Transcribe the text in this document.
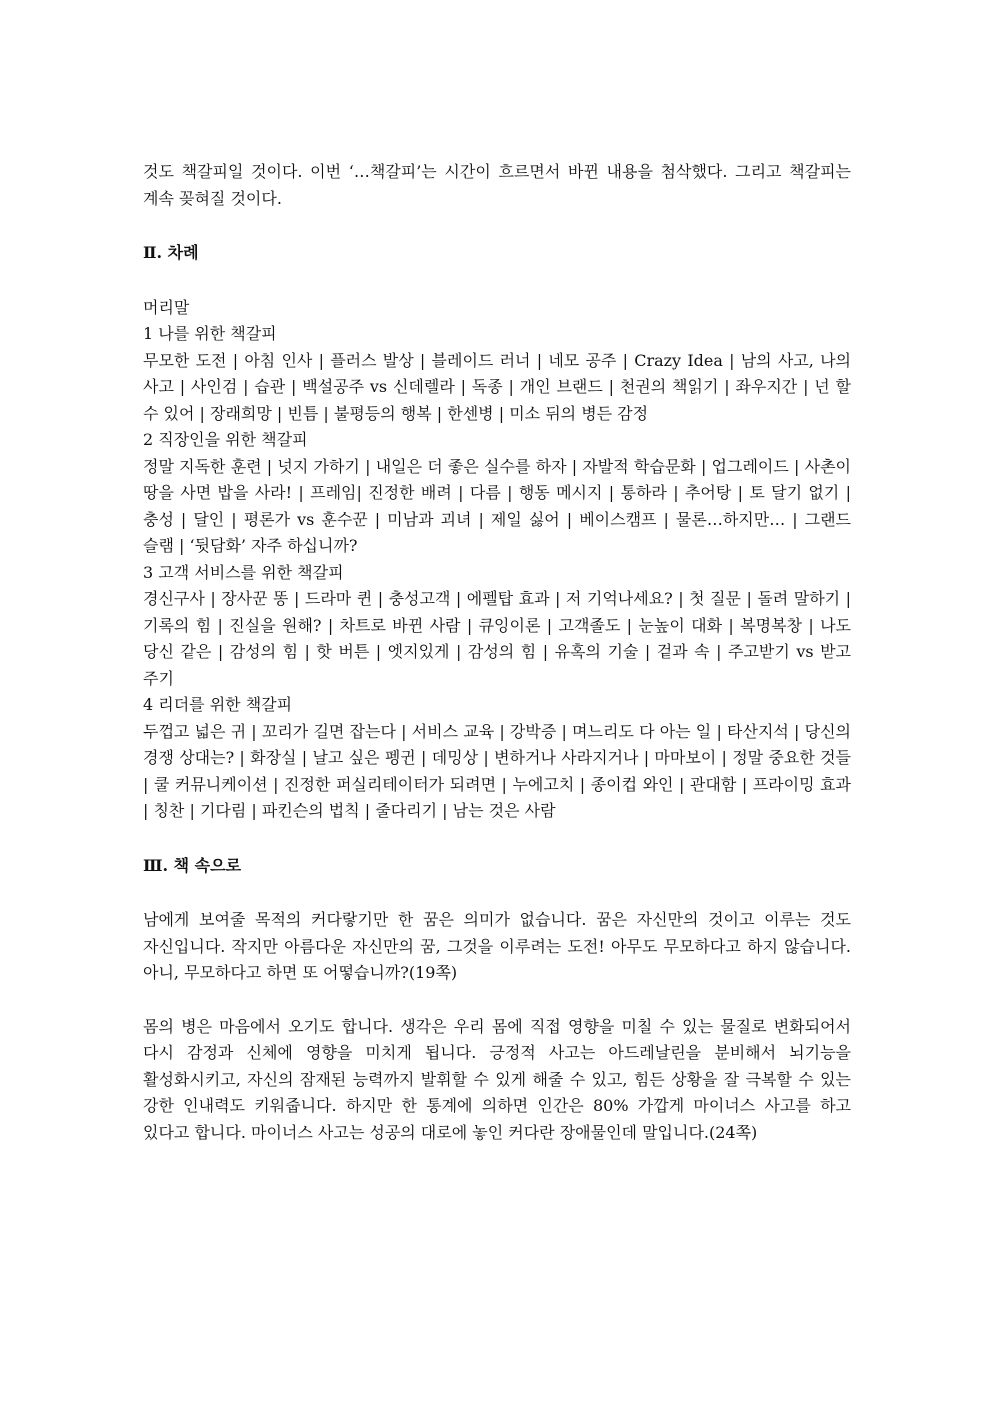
것도 책갈피일 것이다. 이번 ‘…책갈피’는 시간이 흐르면서 바뀐 내용을 첨삭했다. 그리고 책갈피는 계속 꽂혀질 것이다.

Ⅱ. 차례

머리말

1 나를 위한 책갈피

무모한 도전 | 아침 인사 | 플러스 발상 | 블레이드 러너 | 네모 공주 | Crazy Idea | 남의 사고, 나의 사고 | 사인검 | 습관 | 백설공주 vs 신데렐라 | 독종 | 개인 브랜드 | 천권의 책읽기 | 좌우지간 | 넌 할 수 있어 | 장래희망 | 빈틈 | 불평등의 행복 | 한센병 | 미소 뒤의 병든 감정

2 직장인을 위한 책갈피

정말 지독한 훈련 | 넛지 가하기 | 내일은 더 좋은 실수를 하자 | 자발적 학습문화 | 업그레이드 | 사촌이 땅을 사면 밥을 사라! | 프레임| 진정한 배려 | 다름 | 행동 메시지 | 통하라 | 추어탕 | 토 달기 없기 | 충성 | 달인 | 평론가 vs 훈수꾼 | 미남과 괴녀 | 제일 싫어 | 베이스캠프 | 물론…하지만… | 그랜드 슬램 | ‘뒷담화’ 자주 하십니까?

3 고객 서비스를 위한 책갈피

경신구사 | 장사꾼 똥 | 드라마 퀸 | 충성고객 | 에펠탑 효과 | 저 기억나세요? | 첫 질문 | 돌려 말하기 | 기록의 힘 | 진실을 원해? | 차트로 바뀐 사람 | 큐잉이론 | 고객졸도 | 눈높이 대화 | 복명복창 | 나도 당신 같은 | 감성의 힘 | 핫 버튼 | 엣지있게 | 감성의 힘 | 유혹의 기술 | 겉과 속 | 주고받기 vs 받고 주기

4 리더를 위한 책갈피

두껍고 넓은 귀 | 꼬리가 길면 잡는다 | 서비스 교육 | 강박증 | 며느리도 다 아는 일 | 타산지석 | 당신의 경쟁 상대는? | 화장실 | 날고 싶은 펭귄 | 데밍상 | 변하거나 사라지거나 | 마마보이 | 정말 중요한 것들 | 쿨 커뮤니케이션 | 진정한 퍼실리테이터가 되려면 | 누에고치 | 종이컵 와인 | 관대함 | 프라이밍 효과 | 칭찬 | 기다림 | 파킨슨의 법칙 | 줄다리기 | 남는 것은 사람

Ⅲ. 책 속으로

남에게 보여줄 목적의 커다랗기만 한 꿈은 의미가 없습니다. 꿈은 자신만의 것이고 이루는 것도 자신입니다. 작지만 아름다운 자신만의 꿈, 그것을 이루려는 도전! 아무도 무모하다고 하지 않습니다. 아니, 무모하다고 하면 또 어떻습니까?(19쪽)

몸의 병은 마음에서 오기도 합니다. 생각은 우리 몸에 직접 영향을 미칠 수 있는 물질로 변화되어서 다시 감정과 신체에 영향을 미치게 됩니다. 긍정적 사고는 아드레날린을 분비해서 뇌기능을 활성화시키고, 자신의 잠재된 능력까지 발휘할 수 있게 해줄 수 있고, 힘든 상황을 잘 극복할 수 있는 강한 인내력도 키워줍니다. 하지만 한 통계에 의하면 인간은 80% 가깝게 마이너스 사고를 하고 있다고 합니다. 마이너스 사고는 성공의 대로에 놓인 커다란 장애물인데 말입니다.(24쪽)
